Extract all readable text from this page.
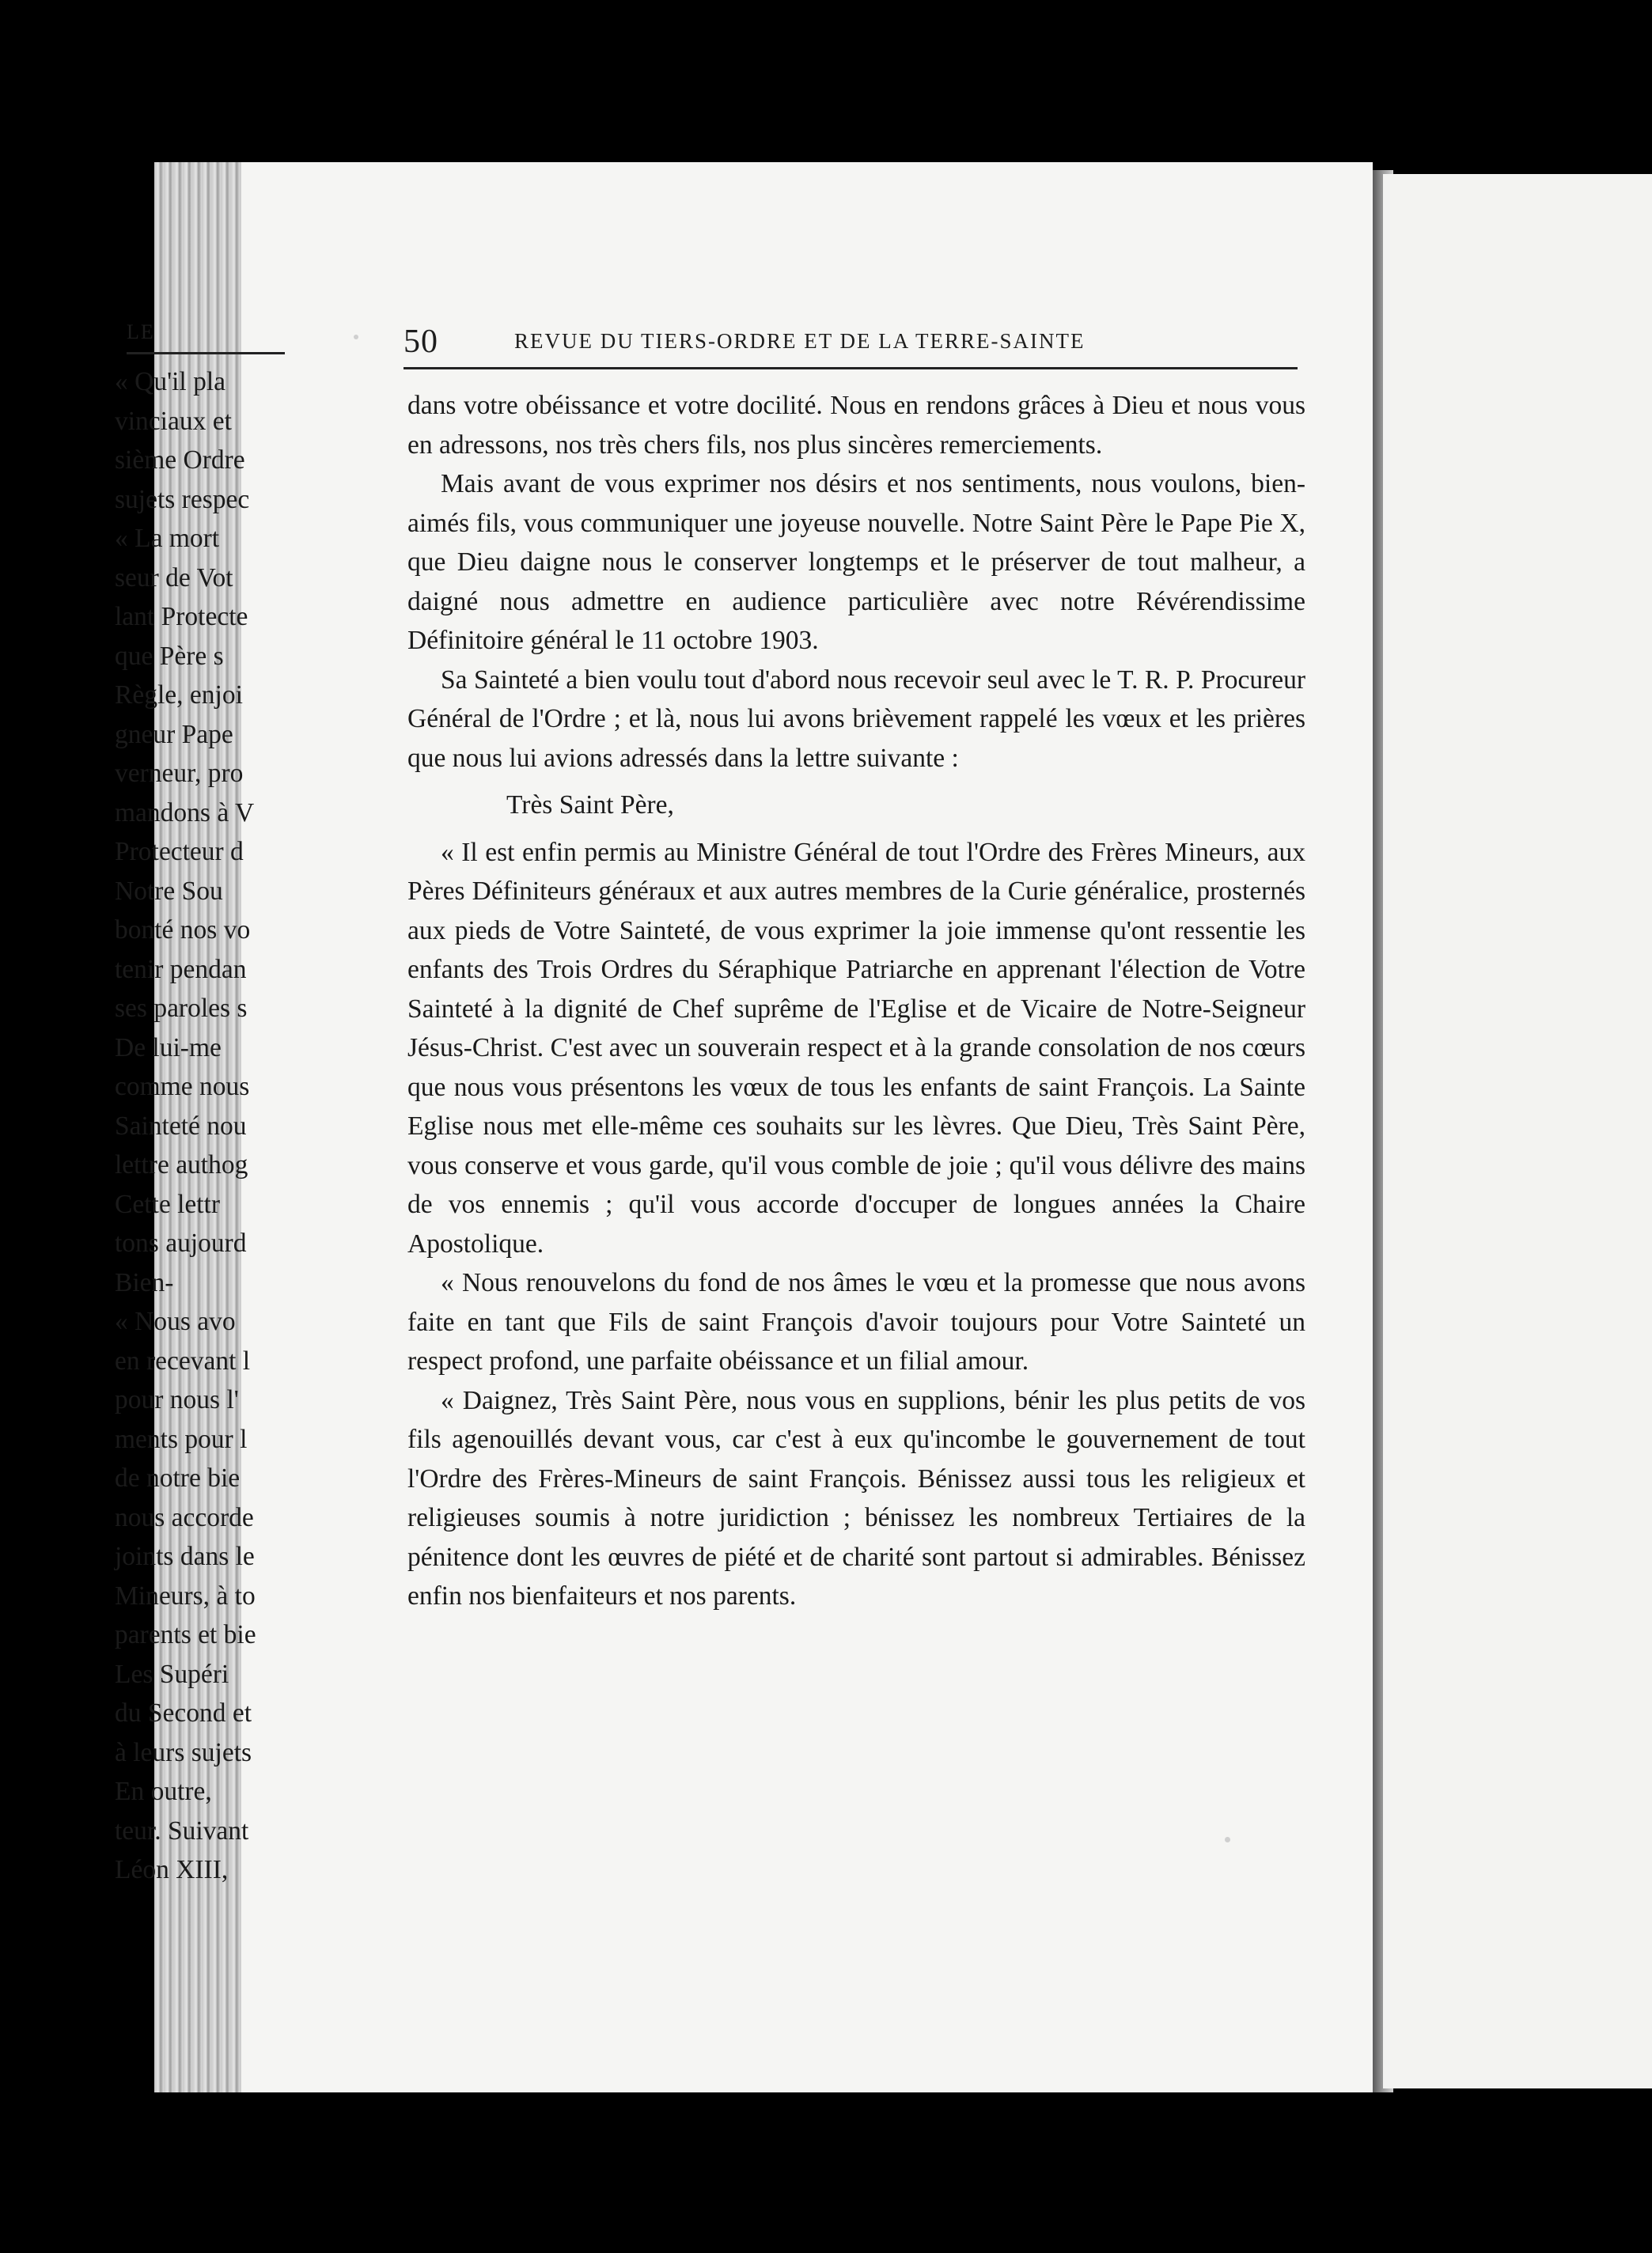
50	REVUE DU TIERS-ORDRE ET DE LA TERRE-SAINTE

dans votre obéissance et votre docilité. Nous en rendons grâces à Dieu et nous vous en adressons, nos très chers fils, nos plus sincères remerciements.

Mais avant de vous exprimer nos désirs et nos sentiments, nous voulons, bien-aimés fils, vous communiquer une joyeuse nouvelle. Notre Saint Père le Pape Pie X, que Dieu daigne nous le conserver longtemps et le préserver de tout malheur, a daigné nous admettre en audience particulière avec notre Révérendissime Définitoire général le 11 octobre 1903.

Sa Sainteté a bien voulu tout d'abord nous recevoir seul avec le T. R. P. Procureur Général de l'Ordre ; et là, nous lui avons brièvement rappelé les vœux et les prières que nous lui avions adressés dans la lettre suivante :

Très Saint Père,

« Il est enfin permis au Ministre Général de tout l'Ordre des Frères Mineurs, aux Pères Définiteurs généraux et aux autres membres de la Curie généralice, prosternés aux pieds de Votre Sainteté, de vous exprimer la joie immense qu'ont ressentie les enfants des Trois Ordres du Séraphique Patriarche en apprenant l'élection de Votre Sainteté à la dignité de Chef suprême de l'Eglise et de Vicaire de Notre-Seigneur Jésus-Christ. C'est avec un souverain respect et à la grande consolation de nos cœurs que nous vous présentons les vœux de tous les enfants de saint François. La Sainte Eglise nous met elle-même ces souhaits sur les lèvres. Que Dieu, Très Saint Père, vous conserve et vous garde, qu'il vous comble de joie ; qu'il vous délivre des mains de vos ennemis ; qu'il vous accorde d'occuper de longues années la Chaire Apostolique.

« Nous renouvelons du fond de nos âmes le vœu et la promesse que nous avons faite en tant que Fils de saint François d'avoir toujours pour Votre Sainteté un respect profond, une parfaite obéissance et un filial amour.

« Daignez, Très Saint Père, nous vous en supplions, bénir les plus petits de vos fils agenouillés devant vous, car c'est à eux qu'incombe le gouvernement de tout l'Ordre des Frères-Mineurs de saint François. Bénissez aussi tous les religieux et religieuses soumis à notre juridiction ; bénissez les nombreux Tertiaires de la pénitence dont les œuvres de piété et de charité sont partout si admirables. Bénissez enfin nos bienfaiteurs et nos parents.

LE
« Qu'il pla
vinciaux et
sième Ordre
sujets respec
« La mort
seur de Vot
lant Protecte
que Père s
Règle, enjoi
gneur Pape
verneur, pro
mandons à V
Protecteur d
Notre Sou
bonté nos vo
tenir pendan
ses paroles s
De lui-me
comme nous
Sainteté nou
lettre authog
Cette lettr
tons aujourd
Bien-
« Nous avo
en recevant l
pour nous l'
ments pour l
de notre bie
nous accorde
joints dans le
Mineurs, à to
parents et bie
Les Supéri
du Second et
à leurs sujets
En outre,
teur. Suivant
Léon XIII,
